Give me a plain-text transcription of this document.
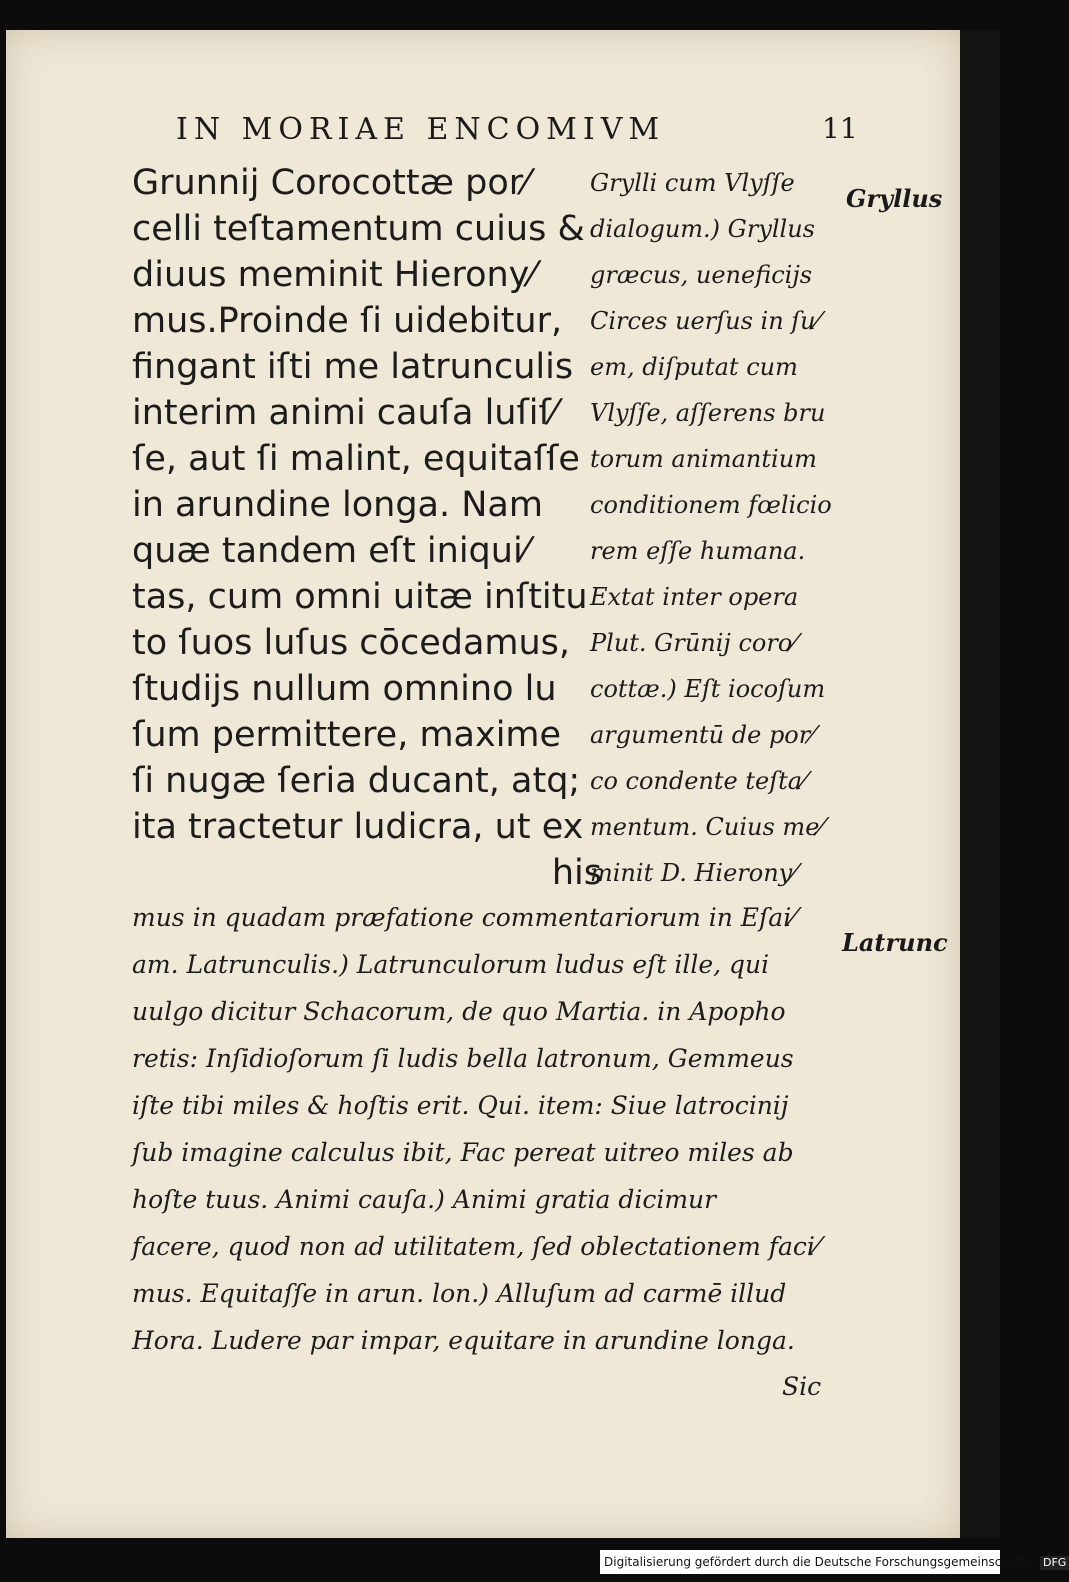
IN MORIAE ENCOMIVM	11
Grunnij Corocottæ por⁄
celli teſtamentum cuius &
diuus meminit Hierony⁄
mus.Proinde ſi uidebitur,
fingant iſti me latrunculis
interim animi cauſa luſiſ⁄
ſe, aut ſi malint, equitaſſe
in arundine longa. Nam
quæ tandem eſt iniqui⁄
tas, cum omni uitæ inſtitu
to ſuos luſus cōcedamus,
ſtudijs nullum omnino lu
ſum permittere, maxime
ſi nugæ ſeria ducant, atq;
ita tractetur ludicra, ut ex
his
Grylli cum Vlyſſe
dialogum.) Gryllus
græcus, ueneficijs
Circes uerſus in ſu⁄
em, diſputat cum
Vlyſſe, aſſerens bru
torum animantium
conditionem fœlicio
rem eſſe humana.
Extat inter opera
Plut. Grūnij coro⁄
cottæ.) Eſt iocoſum
argumentū de por⁄
co condente teſta⁄
mentum. Cuius me⁄
minit D. Hierony⁄
mus in quadam præfatione commentariorum in Eſai⁄
am. Latrunculis.) Latrunculorum ludus eſt ille, qui
uulgo dicitur Schacorum, de quo Martia. in Apopho
retis: Inſidioſorum ſi ludis bella latronum, Gemmeus
iſte tibi miles & hoſtis erit. Qui. item: Siue latrocinij
ſub imagine calculus ibit, Fac pereat uitreo miles ab
hoſte tuus. Animi cauſa.) Animi gratia dicimur
facere, quod non ad utilitatem, ſed oblectationem faci⁄
mus. Equitaſſe in arun. lon.) Alluſum ad carmē illud
Hora. Ludere par impar, equitare in arundine longa.
Sic
Gryllus
Latrunc
Digitalisierung gefördert durch die Deutsche Forschungsgemeinschaft - DFG
